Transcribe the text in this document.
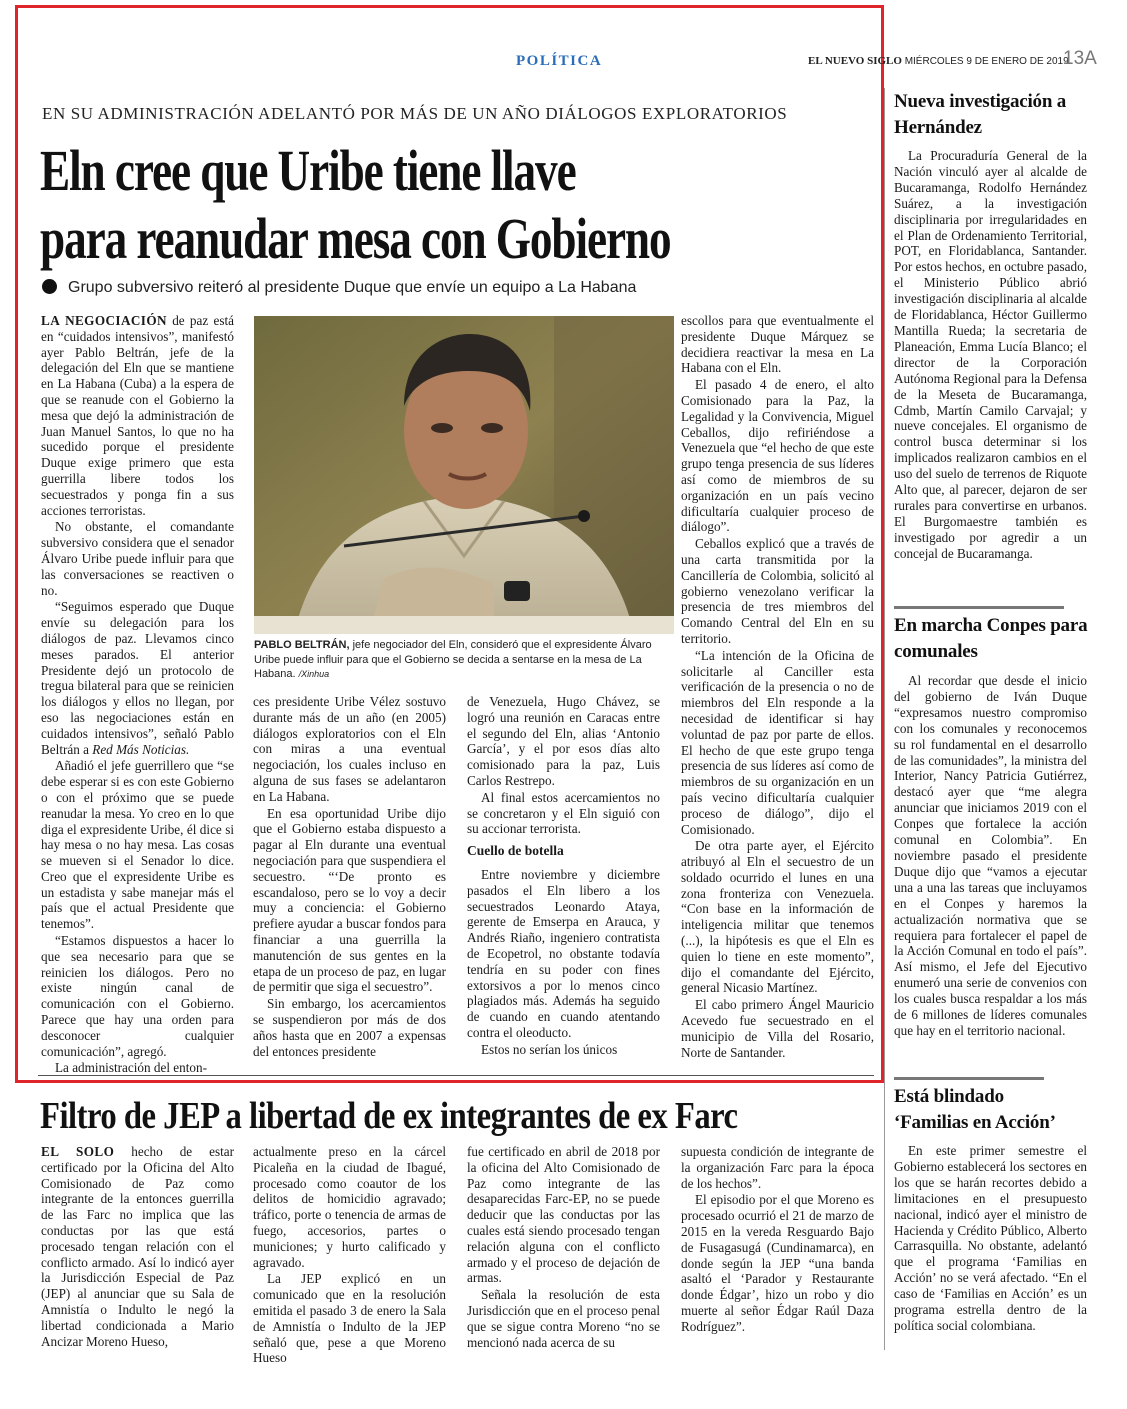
POLÍTICA	EL NUEVO SIGLO MIÉRCOLES 9 DE ENERO DE 2019
13A
EN SU ADMINISTRACIÓN ADELANTÓ POR MÁS DE UN AÑO DIÁLOGOS EXPLORATORIOS
Eln cree que Uribe tiene llave
para reanudar mesa con Gobierno
Grupo subversivo reiteró al presidente Duque que envíe un equipo a La Habana

LA NEGOCIACIÓN de paz está en “cuidados intensivos”, manifestó ayer Pablo Beltrán, jefe de la delegación del Eln que se mantiene en La Habana (Cuba) a la espera de que se reanude con el Gobierno la mesa que dejó la administración de Juan Manuel Santos, lo que no ha sucedido porque el presidente Duque exige primero que esta guerrilla libere todos los secuestrados y ponga fin a sus acciones terroristas.

No obstante, el comandante subversivo considera que el senador Álvaro Uribe puede influir para que las conversaciones se reactiven o no.

“Seguimos esperado que Duque envíe su delegación para los diálogos de paz. Llevamos cinco meses parados. El anterior Presidente dejó un protocolo de tregua bilateral para que se reinicien los diálogos y ellos no llegan, por eso las negociaciones están en cuidados intensivos”, señaló Pablo Beltrán a Red Más Noticias.

Añadió el jefe guerrillero que “se debe esperar si es con este Gobierno o con el próximo que se puede reanudar la mesa. Yo creo en lo que diga el expresidente Uribe, él dice si hay mesa o no hay mesa. Las cosas se mueven si el Senador lo dice. Creo que el expresidente Uribe es un estadista y sabe manejar más el país que el actual Presidente que tenemos”.

“Estamos dispuestos a hacer lo que sea necesario para que se reinicien los diálogos. Pero no existe ningún canal de comunicación con el Gobierno. Parece que hay una orden para desconocer cualquier comunicación”, agregó.

La administración del enton-

PABLO BELTRÁN, jefe negociador del Eln, consideró que el expresidente Álvaro Uribe puede influir para que el Gobierno se decida a sentarse en la mesa de La Habana. /Xinhua

ces presidente Uribe Vélez sostuvo durante más de un año (en 2005) diálogos exploratorios con el Eln con miras a una eventual negociación, los cuales incluso en alguna de sus fases se adelantaron en La Habana.

En esa oportunidad Uribe dijo que el Gobierno estaba dispuesto a pagar al Eln durante una eventual negociación para que suspendiera el secuestro. “‘De pronto es escandaloso, pero se lo voy a decir muy a conciencia: el Gobierno prefiere ayudar a buscar fondos para financiar a una guerrilla la manutención de sus gentes en la etapa de un proceso de paz, en lugar de permitir que siga el secuestro”.

Sin embargo, los acercamientos se suspendieron por más de dos años hasta que en 2007 a expensas del entonces presidente

de Venezuela, Hugo Chávez, se logró una reunión en Caracas entre el segundo del Eln, alias ‘Antonio García’, y el por esos días alto comisionado para la paz, Luis Carlos Restrepo.

Al final estos acercamientos no se concretaron y el Eln siguió con su accionar terrorista.

Cuello de botella

Entre noviembre y diciembre pasados el Eln libero a los secuestrados Leonardo Ataya, gerente de Emserpa en Arauca, y Andrés Riaño, ingeniero contratista de Ecopetrol, no obstante todavía tendría en su poder con fines extorsivos a por lo menos cinco plagiados más. Además ha seguido de cuando en cuando atentando contra el oleoducto.

Estos no serían los únicos

escollos para que eventualmente el presidente Duque Márquez se decidiera reactivar la mesa en La Habana con el Eln.

El pasado 4 de enero, el alto Comisionado para la Paz, la Legalidad y la Convivencia, Miguel Ceballos, dijo refiriéndose a Venezuela que “el hecho de que este grupo tenga presencia de sus líderes así como de miembros de su organización en un país vecino dificultaría cualquier proceso de diálogo”.

Ceballos explicó que a través de una carta transmitida por la Cancillería de Colombia, solicitó al gobierno venezolano verificar la presencia de tres miembros del Comando Central del Eln en su territorio.

“La intención de la Oficina de solicitarle al Canciller esta verificación de la presencia o no de miembros del Eln responde a la necesidad de identificar si hay voluntad de paz por parte de ellos. El hecho de que este grupo tenga presencia de sus líderes así como de miembros de su organización en un país vecino dificultaría cualquier proceso de diálogo”, dijo el Comisionado.

De otra parte ayer, el Ejército atribuyó al Eln el secuestro de un soldado ocurrido el lunes en una zona fronteriza con Venezuela. “Con base en la información de inteligencia militar que tenemos (...), la hipótesis es que el Eln es quien lo tiene en este momento”, dijo el comandante del Ejército, general Nicasio Martínez.

El cabo primero Ángel Mauricio Acevedo fue secuestrado en el municipio de Villa del Rosario, Norte de Santander.

Filtro de JEP a libertad de ex integrantes de ex Farc

EL SOLO hecho de estar certificado por la Oficina del Alto Comisionado de Paz como integrante de la entonces guerrilla de las Farc no implica que las conductas por las que está procesado tengan relación con el conflicto armado. Así lo indicó ayer la Jurisdicción Especial de Paz (JEP) al anunciar que su Sala de Amnistía o Indulto le negó la libertad condicionada a Mario Ancizar Moreno Hueso,

actualmente preso en la cárcel Picaleña en la ciudad de Ibagué, procesado como coautor de los delitos de homicidio agravado; tráfico, porte o tenencia de armas de fuego, accesorios, partes o municiones; y hurto calificado y agravado.

La JEP explicó en un comunicado que en la resolución emitida el pasado 3 de enero la Sala de Amnistía o Indulto de la JEP señaló que, pese a que Moreno Hueso

fue certificado en abril de 2018 por la oficina del Alto Comisionado de Paz como integrante de las desaparecidas Farc-EP, no se puede deducir que las conductas por las cuales está siendo procesado tengan relación alguna con el conflicto armado y el proceso de dejación de armas.

Señala la resolución de esta Jurisdicción que en el proceso penal que se sigue contra Moreno “no se mencionó nada acerca de su

supuesta condición de integrante de la organización Farc para la época de los hechos”.

El episodio por el que Moreno es procesado ocurrió el 21 de marzo de 2015 en la vereda Resguardo Bajo de Fusagasugá (Cundinamarca), en donde según la JEP “una banda asaltó el ‘Parador y Restaurante donde Édgar’, hizo un robo y dio muerte al señor Édgar Raúl Daza Rodríguez”.

Nueva investigación a Hernández

La Procuraduría General de la Nación vinculó ayer al alcalde de Bucaramanga, Rodolfo Hernández Suárez, a la investigación disciplinaria por irregularidades en el Plan de Ordenamiento Territorial, POT, en Floridablanca, Santander. Por estos hechos, en octubre pasado, el Ministerio Público abrió investigación disciplinaria al alcalde de Floridablanca, Héctor Guillermo Mantilla Rueda; la secretaria de Planeación, Emma Lucía Blanco; el director de la Corporación Autónoma Regional para la Defensa de la Meseta de Bucaramanga, Cdmb, Martín Camilo Carvajal; y nueve concejales. El organismo de control busca determinar si los implicados realizaron cambios en el uso del suelo de terrenos de Riquote Alto que, al parecer, dejaron de ser rurales para convertirse en urbanos. El Burgomaestre también es investigado por agredir a un concejal de Bucaramanga.

En marcha Conpes para comunales

Al recordar que desde el inicio del gobierno de Iván Duque “expresamos nuestro compromiso con los comunales y reconocemos su rol fundamental en el desarrollo de las comunidades”, la ministra del Interior, Nancy Patricia Gutiérrez, destacó ayer que “me alegra anunciar que iniciamos 2019 con el Conpes que fortalece la acción comunal en Colombia”. En noviembre pasado el presidente Duque dijo que “vamos a ejecutar una a una las tareas que incluyamos en el Conpes y haremos la actualización normativa que se requiera para fortalecer el papel de la Acción Comunal en todo el país”. Así mismo, el Jefe del Ejecutivo enumeró una serie de convenios con los cuales busca respaldar a los más de 6 millones de líderes comunales que hay en el territorio nacional.

Está blindado
‘Familias en Acción’

En este primer semestre el Gobierno establecerá los sectores en los que se harán recortes debido a limitaciones en el presupuesto nacional, indicó ayer el ministro de Hacienda y Crédito Público, Alberto Carrasquilla. No obstante, adelantó que el programa ‘Familias en Acción’ no se verá afectado. “En el caso de ‘Familias en Acción’ es un programa estrella dentro de la política social colombiana.
